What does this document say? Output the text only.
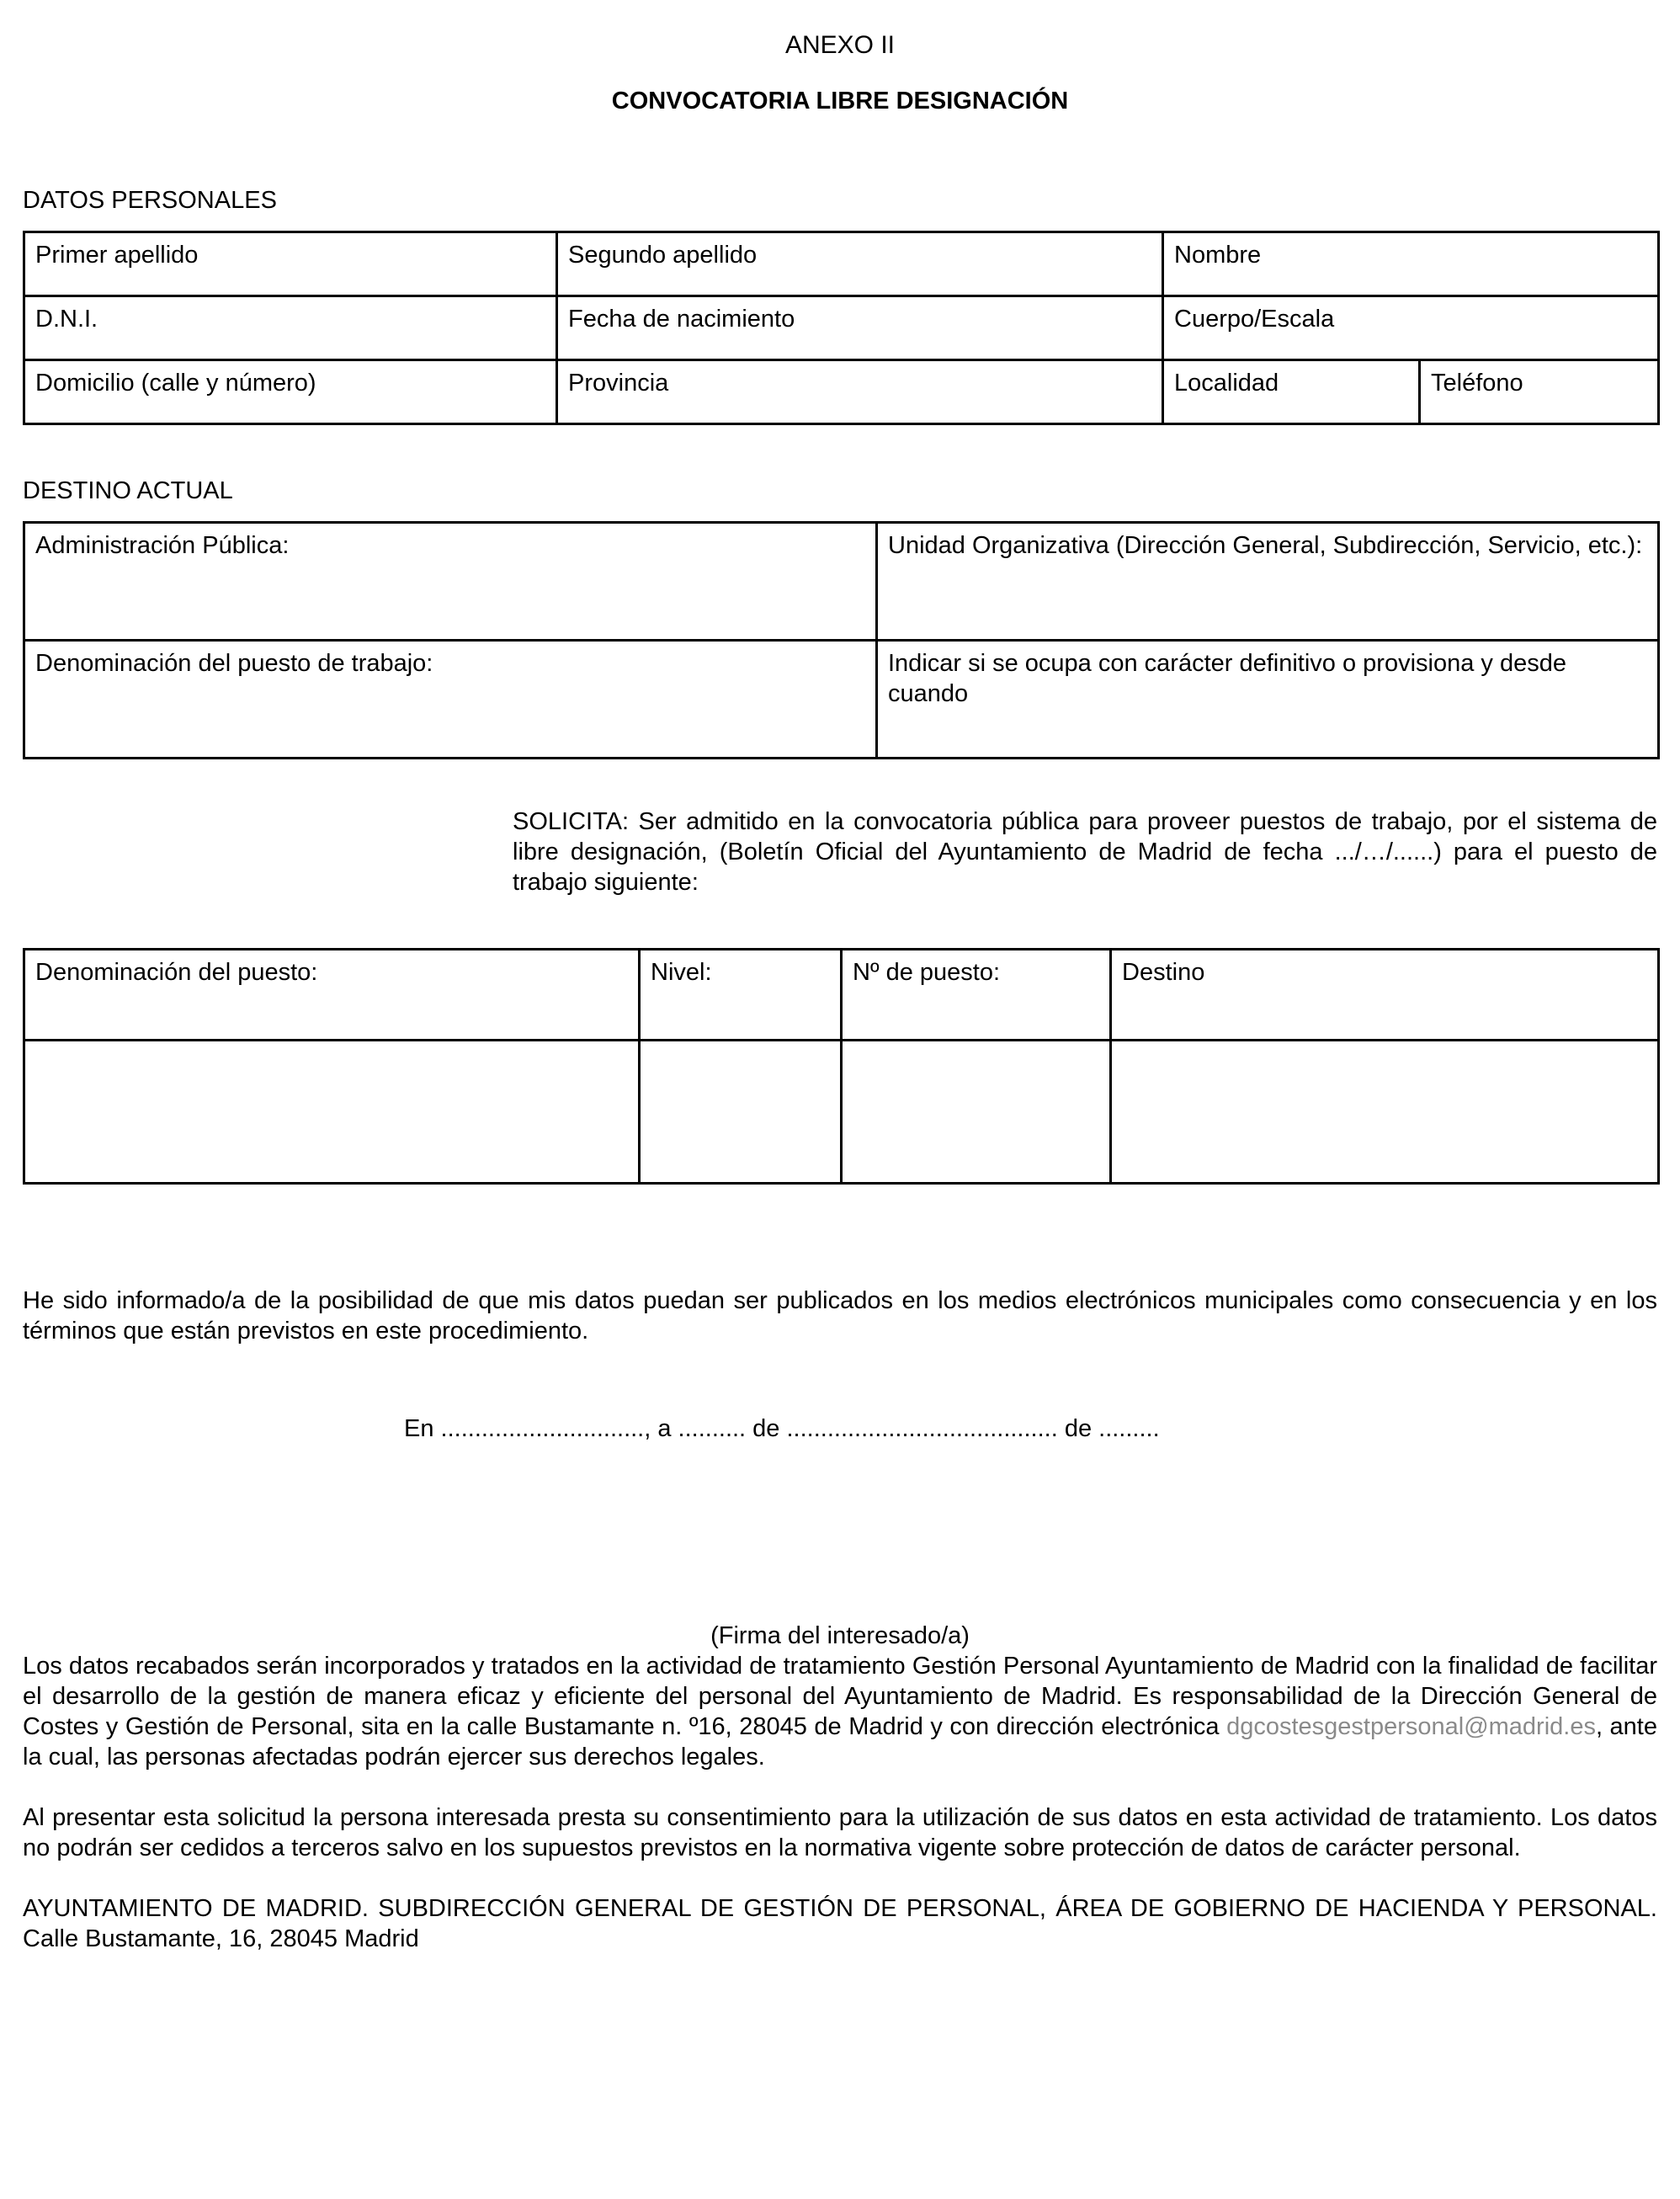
ANEXO II
CONVOCATORIA LIBRE DESIGNACIÓN
DATOS PERSONALES
Primer apellido	Segundo apellido	Nombre	
D.N.I.	Fecha de nacimiento	Cuerpo/Escala	
Domicilio (calle y número)	Provincia	Localidad	Teléfono
DESTINO ACTUAL
Administración Pública:	Unidad Organizativa (Dirección General, Subdirección, Servicio, etc.):
Denominación del puesto de trabajo:	Indicar si se ocupa con carácter definitivo o provisiona y desde cuando
SOLICITA: Ser admitido en la convocatoria pública para proveer puestos de trabajo, por el sistema de libre designación, (Boletín Oficial del Ayuntamiento de Madrid de fecha .../…/......) para el puesto de trabajo siguiente:
Denominación del puesto:	Nivel:	Nº de puesto:	Destino

He sido informado/a de la posibilidad de que mis datos puedan ser publicados en los medios electrónicos municipales como consecuencia y en los términos que están previstos en este procedimiento.
En .............................., a .......... de ........................................ de .........
(Firma del interesado/a)
Los datos recabados serán incorporados y tratados en la actividad de tratamiento Gestión Personal Ayuntamiento de Madrid con la finalidad de facilitar el desarrollo de la gestión de manera eficaz y eficiente del personal del Ayuntamiento de Madrid. Es responsabilidad de la Dirección General de Costes y Gestión de Personal, sita en la calle Bustamante n. º16, 28045 de Madrid y con dirección electrónica dgcostesgestpersonal@madrid.es, ante la cual, las personas afectadas podrán ejercer sus derechos legales.
Al presentar esta solicitud la persona interesada presta su consentimiento para la utilización de sus datos en esta actividad de tratamiento. Los datos no podrán ser cedidos a terceros salvo en los supuestos previstos en la normativa vigente sobre protección de datos de carácter personal.
AYUNTAMIENTO DE MADRID. SUBDIRECCIÓN GENERAL DE GESTIÓN DE PERSONAL, ÁREA DE GOBIERNO DE HACIENDA Y PERSONAL. Calle Bustamante, 16, 28045 Madrid
